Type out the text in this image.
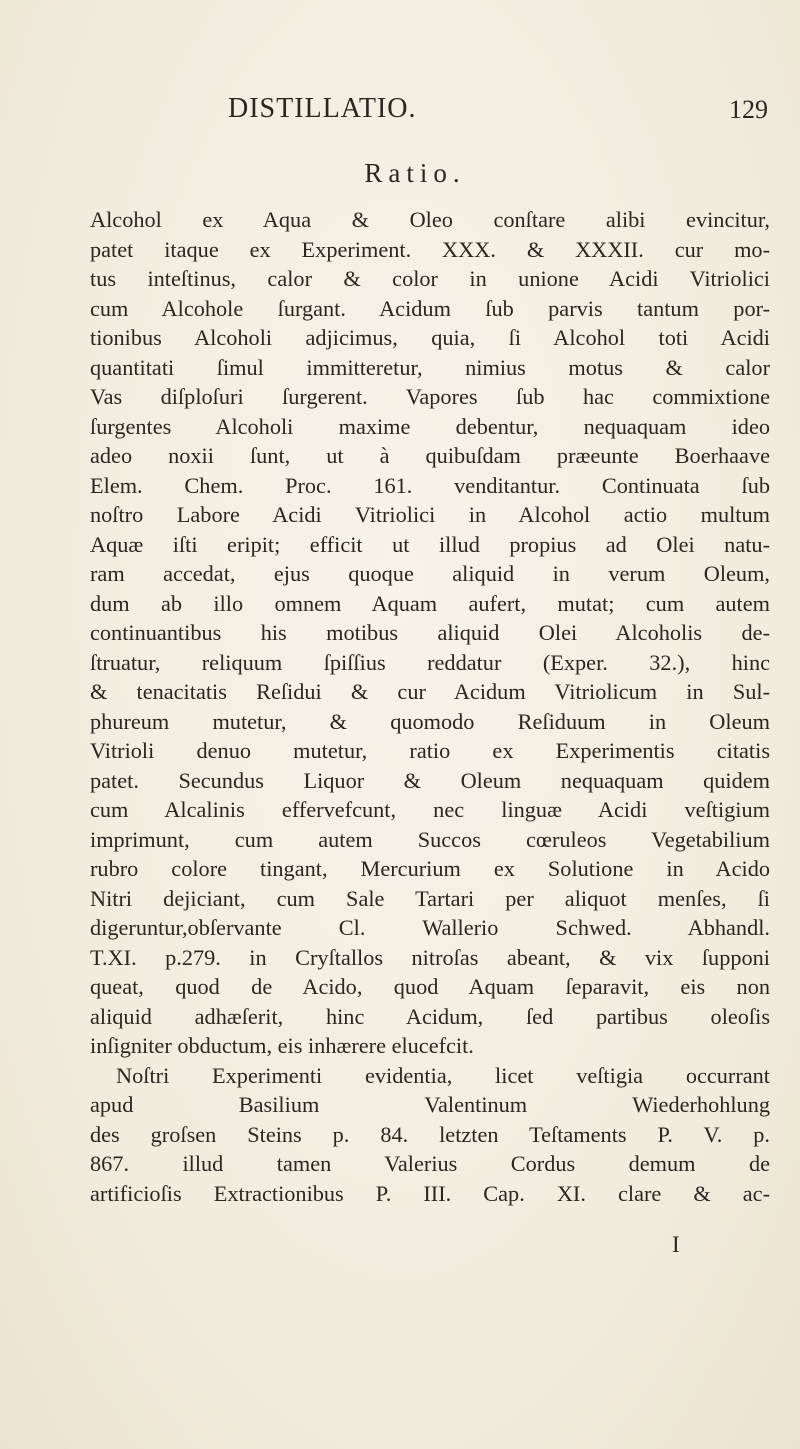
DISTILLATIO.	129
Ratio.
Alcohol ex Aqua & Oleo conſtare alibi evincitur,
patet itaque ex Experiment. XXX. & XXXII. cur mo-
tus inteſtinus, calor & color in unione Acidi Vitriolici
cum Alcohole ſurgant. Acidum ſub parvis tantum por-
tionibus Alcoholi adjicimus, quia, ſi Alcohol toti Acidi
quantitati ſimul immitteretur, nimius motus & calor
Vas diſploſuri ſurgerent. Vapores ſub hac commixtione
ſurgentes Alcoholi maxime debentur, nequaquam ideo
adeo noxii ſunt, ut à quibuſdam præeunte Boerhaave
Elem. Chem. Proc. 161. venditantur. Continuata ſub
noſtro Labore Acidi Vitriolici in Alcohol actio multum
Aquæ iſti eripit; efficit ut illud propius ad Olei natu-
ram accedat, ejus quoque aliquid in verum Oleum,
dum ab illo omnem Aquam aufert, mutat; cum autem
continuantibus his motibus aliquid Olei Alcoholis de-
ſtruatur, reliquum ſpiſſius reddatur (Exper. 32.), hinc
& tenacitatis Reſidui & cur Acidum Vitriolicum in Sul-
phureum mutetur, & quomodo Reſiduum in Oleum
Vitrioli denuo mutetur, ratio ex Experimentis citatis
patet. Secundus Liquor & Oleum nequaquam quidem
cum Alcalinis effervefcunt, nec linguæ Acidi veſtigium
imprimunt, cum autem Succos cœruleos Vegetabilium
rubro colore tingant, Mercurium ex Solutione in Acido
Nitri dejiciant, cum Sale Tartari per aliquot menſes, ſi
digeruntur,obſervante Cl. Wallerio Schwed. Abhandl.
T.XI. p.279. in Cryſtallos nitroſas abeant, & vix ſupponi
queat, quod de Acido, quod Aquam ſeparavit, eis non
aliquid adhæſerit, hinc Acidum, ſed partibus oleoſis
inſigniter obductum, eis inhærere elucefcit.
Noſtri Experimenti evidentia, licet veſtigia occurrant
apud Basilium Valentinum Wiederhohlung
des groſsen Steins p. 84. letzten Teſtaments P. V. p.
867. illud tamen Valerius Cordus demum de
artificioſis Extractionibus P. III. Cap. XI. clare & ac-
I
